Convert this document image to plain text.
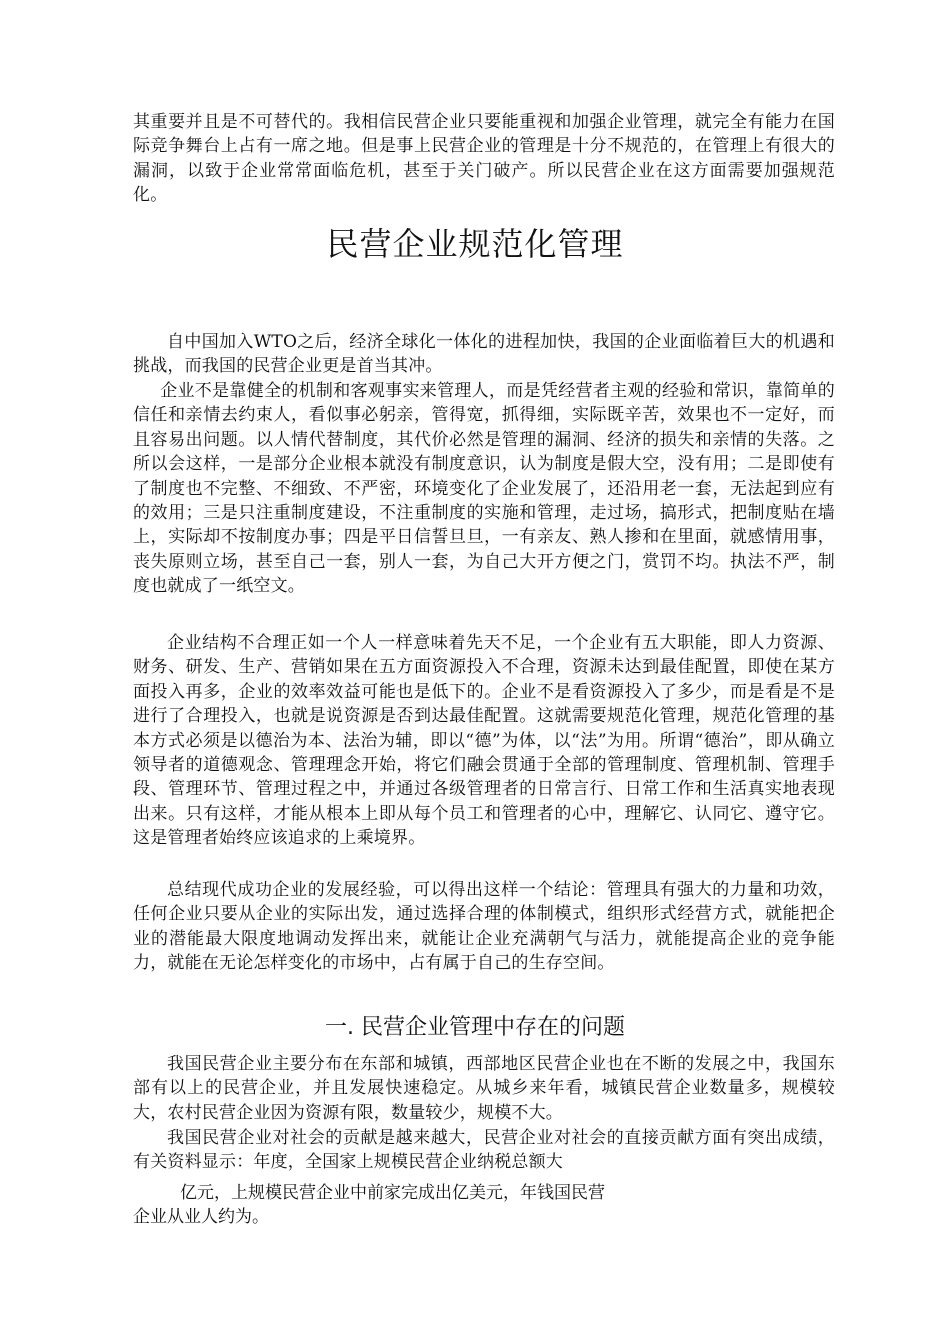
其重要并且是不可替代的。我相信民营企业只要能重视和加强企业管理，就完全有能力在国际竞争舞台上占有一席之地。但是事上民营企业的管理是十分不规范的，在管理上有很大的漏洞，以致于企业常常面临危机，甚至于关门破产。所以民营企业在这方面需要加强规范化。

民营企业规范化管理

自中国加入WTO之后，经济全球化一体化的进程加快，我国的企业面临着巨大的机遇和挑战，而我国的民营企业更是首当其冲。

企业不是靠健全的机制和客观事实来管理人，而是凭经营者主观的经验和常识，靠简单的信任和亲情去约束人，看似事必躬亲，管得宽，抓得细，实际既辛苦，效果也不一定好，而且容易出问题。以人情代替制度，其代价必然是管理的漏洞、经济的损失和亲情的失落。之所以会这样，一是部分企业根本就没有制度意识，认为制度是假大空，没有用；二是即使有了制度也不完整、不细致、不严密，环境变化了企业发展了，还沿用老一套，无法起到应有的效用；三是只注重制度建设，不注重制度的实施和管理，走过场，搞形式，把制度贴在墙上，实际却不按制度办事；四是平日信誓旦旦，一有亲友、熟人掺和在里面，就感情用事，丧失原则立场，甚至自己一套，别人一套，为自己大开方便之门，赏罚不均。执法不严，制度也就成了一纸空文。

企业结构不合理正如一个人一样意味着先天不足，一个企业有五大职能，即人力资源、财务、研发、生产、营销如果在五方面资源投入不合理，资源未达到最佳配置，即使在某方面投入再多，企业的效率效益可能也是低下的。企业不是看资源投入了多少，而是看是不是进行了合理投入，也就是说资源是否到达最佳配置。这就需要规范化管理，规范化管理的基本方式必须是以德治为本、法治为辅，即以“德”为体，以“法”为用。所谓“德治”，即从确立领导者的道德观念、管理理念开始，将它们融会贯通于全部的管理制度、管理机制、管理手段、管理环节、管理过程之中，并通过各级管理者的日常言行、日常工作和生活真实地表现出来。只有这样，才能从根本上即从每个员工和管理者的心中，理解它、认同它、遵守它。这是管理者始终应该追求的上乘境界。

总结现代成功企业的发展经验，可以得出这样一个结论：管理具有强大的力量和功效，任何企业只要从企业的实际出发，通过选择合理的体制模式，组织形式经营方式，就能把企业的潜能最大限度地调动发挥出来，就能让企业充满朝气与活力，就能提高企业的竞争能力，就能在无论怎样变化的市场中，占有属于自己的生存空间。

一. 民营企业管理中存在的问题

我国民营企业主要分布在东部和城镇，西部地区民营企业也在不断的发展之中，我国东部有以上的民营企业，并且发展快速稳定。从城乡来年看，城镇民营企业数量多，规模较大，农村民营企业因为资源有限，数量较少，规模不大。

我国民营企业对社会的贡献是越来越大，民营企业对社会的直接贡献方面有突出成绩，有关资料显示：年度，全国家上规模民营企业纳税总额大

亿元，上规模民营企业中前家完成出亿美元，年钱国民营

企业从业人约为。
